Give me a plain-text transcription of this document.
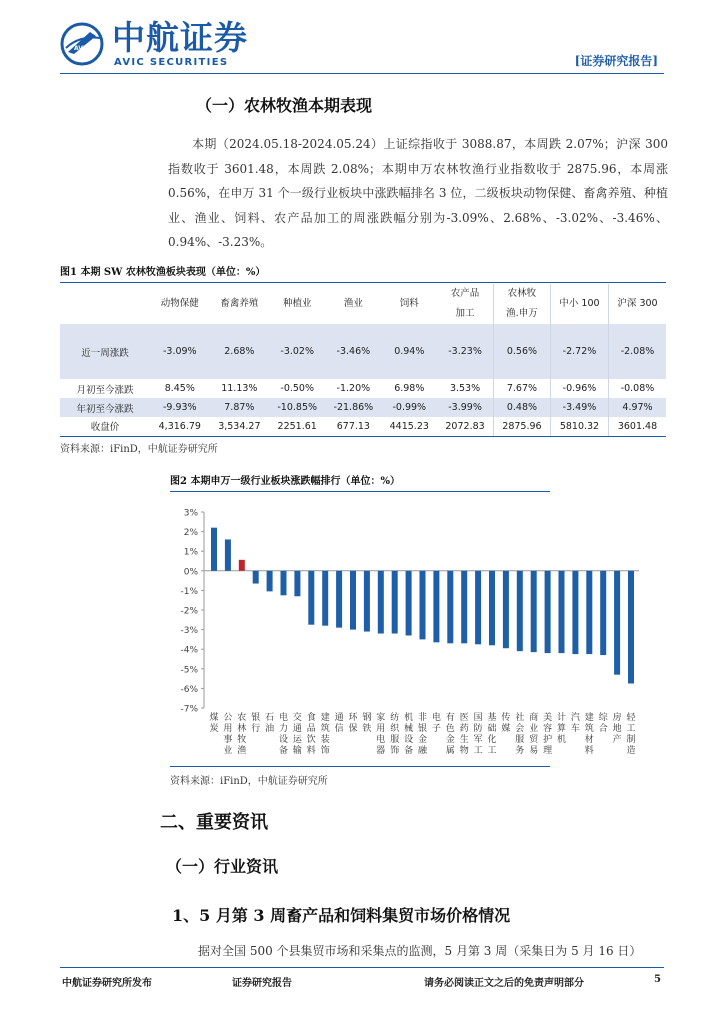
AVIC 中航证券
AVIC SECURITIES	[证券研究报告]
（一）农林牧渔本期表现

本期（2024.05.18-2024.05.24）上证综指收于 3088.87，本周跌 2.07%；沪深 300 指数收于 3601.48，本周跌 2.08%；本期申万农林牧渔行业指数收于 2875.96，本周涨 0.56%，在申万 31 个一级行业板块中涨跌幅排名 3 位，二级板块动物保健、畜禽养殖、种植业、渔业、饲料、农产品加工的周涨跌幅分别为-3.09%、2.68%、-3.02%、-3.46%、0.94%、-3.23%。

图1 本期 SW 农林牧渔板块表现（单位：%）
	动物保健	畜禽养殖	种植业	渔业	饲料	农产品
加工	农林牧
渔.申万	中小 100	沪深 300
近一周涨跌	-3.09%	2.68%	-3.02%	-3.46%	0.94%	-3.23%	0.56%	-2.72%	-2.08%
月初至今涨跌	8.45%	11.13%	-0.50%	-1.20%	6.98%	3.53%	7.67%	-0.96%	-0.08%
年初至今涨跌	-9.93%	7.87%	-10.85%	-21.86%	-0.99%	-3.99%	0.48%	-3.49%	4.97%
收盘价	4,316.79	3,534.27	2251.61	677.13	4415.23	2072.83	2875.96	5810.32	3601.48
资料来源：iFinD，中航证券研究所
图2 本期申万一级行业板块涨跌幅排行（单位：%）
3%
2%
1%
0%
-1%
-2%
-3%
-4%
-5%
-6%
-7%
煤炭
公用事业
农林牧渔
银行
石油
电力设备
交通运输
食品饮料
建筑装饰
通信
环保
钢铁
家用电器
纺织服饰
机械设备
非银金融
电子
有色金属
医药生物
国防军工
基础化工
传媒
社会服务
商业贸易
美容护理
计算机
汽车
建筑材料
综合
房地产
轻工制造
资料来源：iFinD，中航证券研究所
二、重要资讯
（一）行业资讯
1、5 月第 3 周畜产品和饲料集贸市场价格情况

据对全国 500 个县集贸市场和采集点的监测，5 月第 3 周（采集日为 5 月 16 日）

中航证券研究所发布	证券研究报告	请务必阅读正文之后的免责声明部分	5
